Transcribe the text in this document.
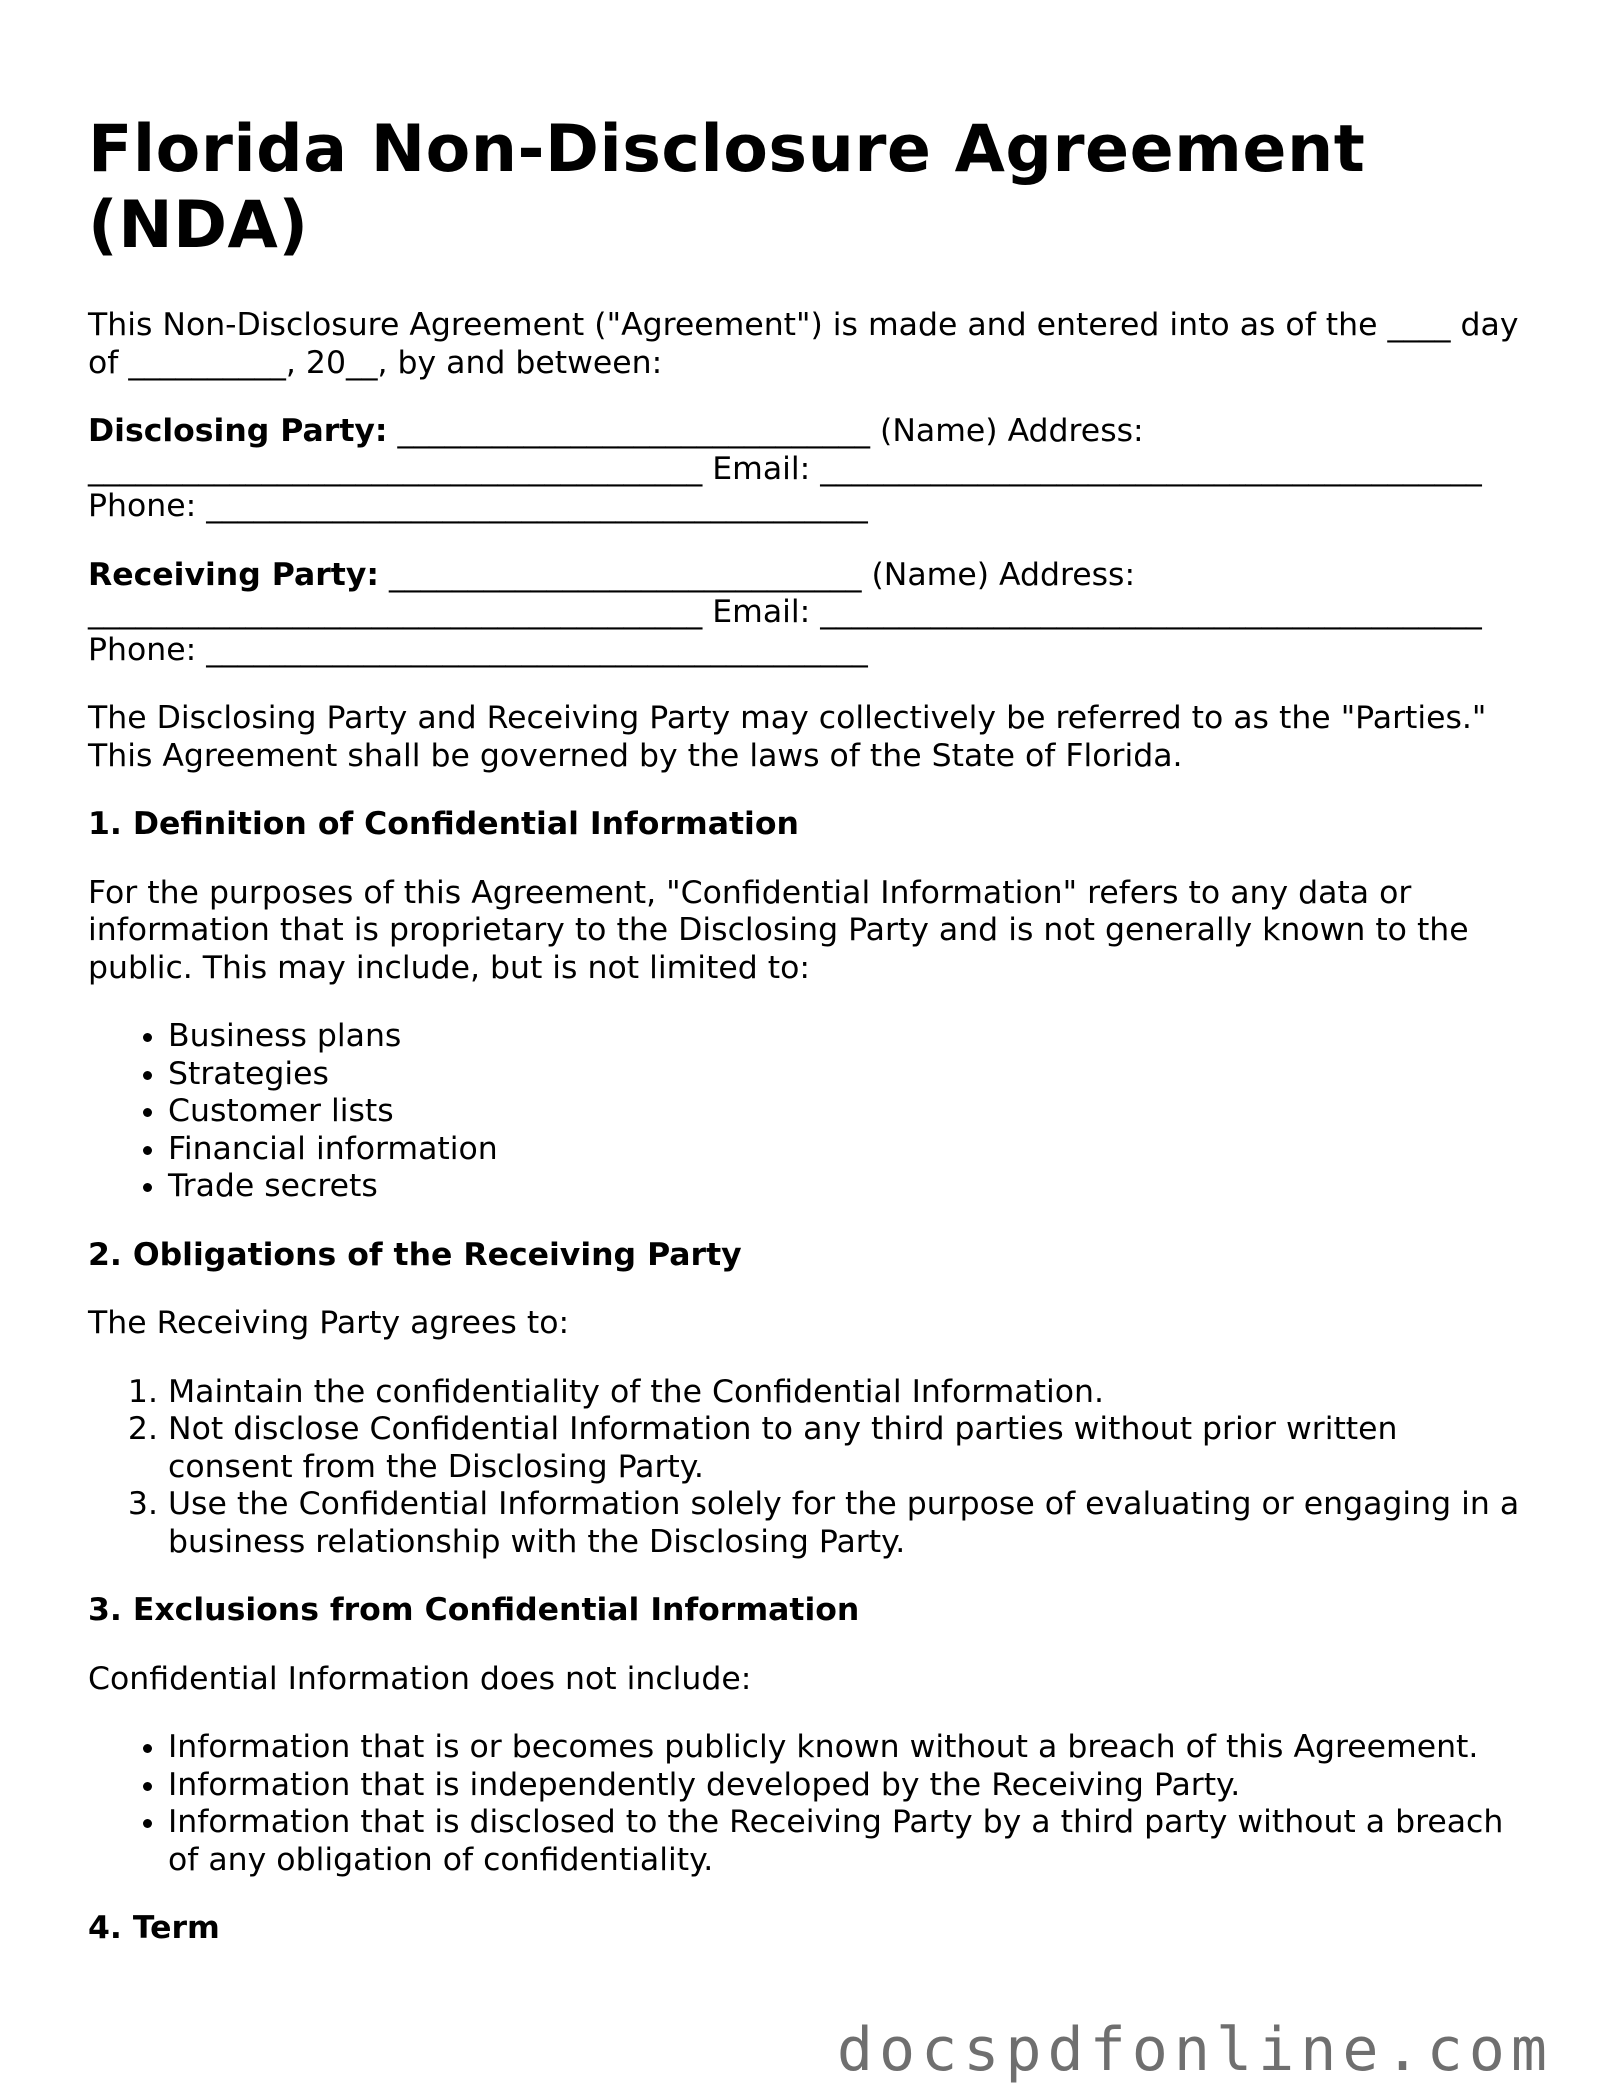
Florida Non-Disclosure Agreement (NDA)

This Non-Disclosure Agreement ("Agreement") is made and entered into as of the ____ day of __________, 20__, by and between:

Disclosing Party: ______________________________ (Name) Address: _______________________________________ Email: __________________________________________ Phone: __________________________________________

Receiving Party: ______________________________ (Name) Address: _______________________________________ Email: __________________________________________ Phone: __________________________________________

The Disclosing Party and Receiving Party may collectively be referred to as the "Parties." This Agreement shall be governed by the laws of the State of Florida.

1. Definition of Confidential Information

For the purposes of this Agreement, "Confidential Information" refers to any data or information that is proprietary to the Disclosing Party and is not generally known to the public. This may include, but is not limited to:

• Business plans
• Strategies
• Customer lists
• Financial information
• Trade secrets
2. Obligations of the Receiving Party

The Receiving Party agrees to:

1. Maintain the confidentiality of the Confidential Information.
2. Not disclose Confidential Information to any third parties without prior written consent from the Disclosing Party.
3. Use the Confidential Information solely for the purpose of evaluating or engaging in a business relationship with the Disclosing Party.
3. Exclusions from Confidential Information

Confidential Information does not include:

• Information that is or becomes publicly known without a breach of this Agreement.
• Information that is independently developed by the Receiving Party.
• Information that is disclosed to the Receiving Party by a third party without a breach of any obligation of confidentiality.
4. Term
docspdfonline.com
